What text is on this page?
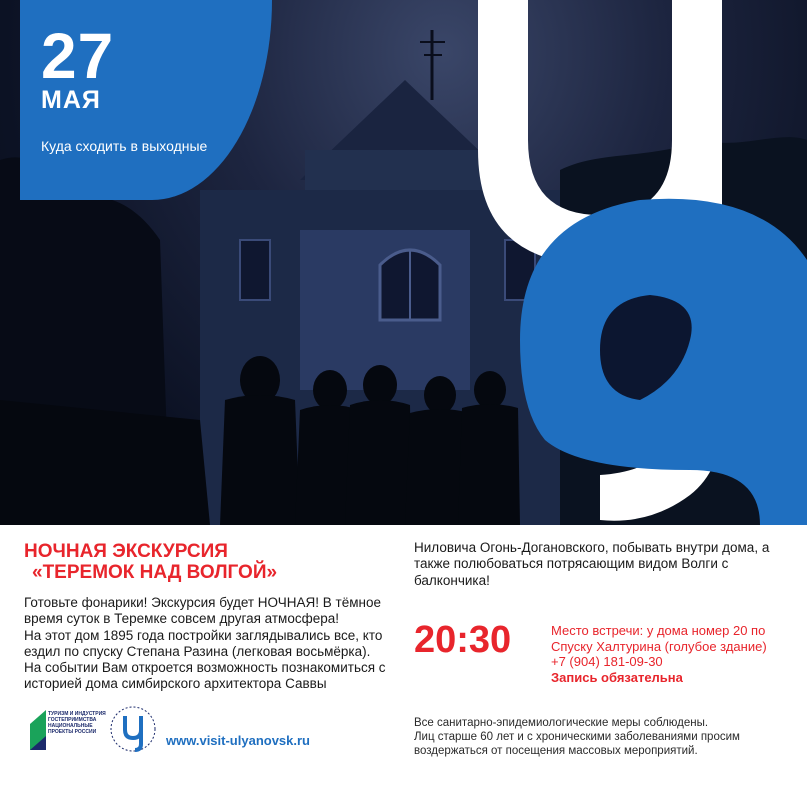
27
МАЯ
Куда сходить в выходные
НОЧНАЯ ЭКСКУРСИЯ
«ТЕРЕМОК НАД ВОЛГОЙ»

Готовьте фонарики! Экскурсия будет НОЧНАЯ! В тёмное время суток в Теремке совсем другая атмосфера!

На этот дом 1895 года постройки заглядывались все, кто ездил по спуску Степана Разина (легковая восьмёрка).

На событии Вам откроется возможность познакомиться с историей дома симбирского архитектора Саввы

Ниловича Огонь-Догановского, побывать внутри дома, а также полюбоваться потрясающим видом Волги с балкончика!

20:30	Место встречи: у дома номер 20 по
Спуску Халтурина (голубое здание)
+7 (904) 181-09-30
Запись обязательна
Все санитарно-эпидемиологические меры соблюдены.
Лиц старше 60 лет и с хроническими заболеваниями просим
воздержаться от посещения массовых мероприятий.
ТУРИЗМ И ИНДУСТРИЯ ГОСТЕПРИИМСТВА НАЦИОНАЛЬНЫЕ ПРОЕКТЫ РОССИИ
www.visit-ulyanovsk.ru
